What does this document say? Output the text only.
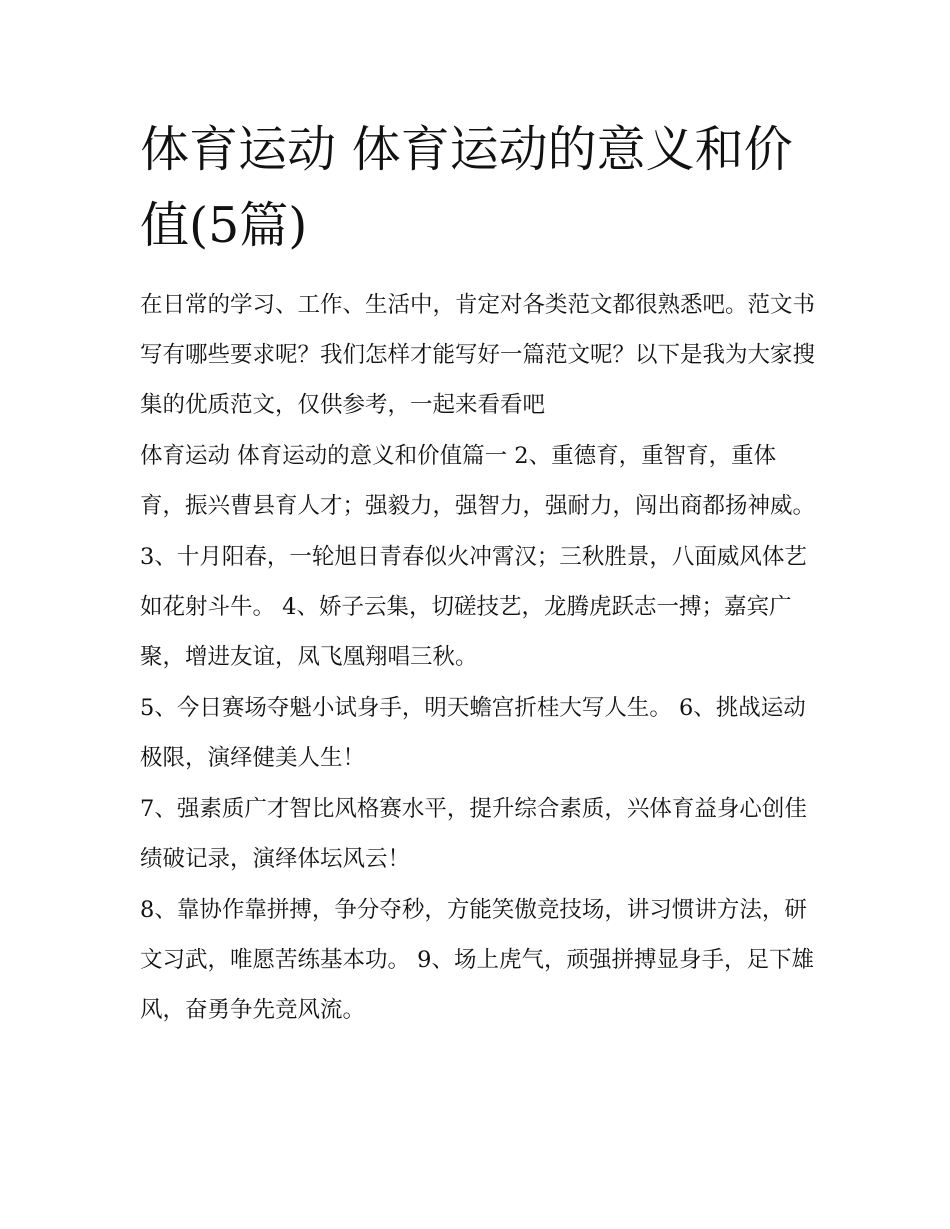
体育运动 体育运动的意义和价值(5篇)

在日常的学习、工作、生活中，肯定对各类范文都很熟悉吧。范文书写有哪些要求呢？我们怎样才能写好一篇范文呢？以下是我为大家搜集的优质范文，仅供参考，一起来看看吧

体育运动 体育运动的意义和价值篇一 2、重德育，重智育，重体育，振兴曹县育人才；强毅力，强智力，强耐力，闯出商都扬神威。

3、十月阳春，一轮旭日青春似火冲霄汉；三秋胜景，八面威风体艺如花射斗牛。 4、娇子云集，切磋技艺，龙腾虎跃志一搏；嘉宾广聚，增进友谊，凤飞凰翔唱三秋。

5、今日赛场夺魁小试身手，明天蟾宫折桂大写人生。 6、挑战运动极限，演绎健美人生！

7、强素质广才智比风格赛水平，提升综合素质，兴体育益身心创佳绩破记录，演绎体坛风云！

8、靠协作靠拼搏，争分夺秒，方能笑傲竞技场，讲习惯讲方法，研文习武，唯愿苦练基本功。 9、场上虎气，顽强拼搏显身手，足下雄风，奋勇争先竞风流。
